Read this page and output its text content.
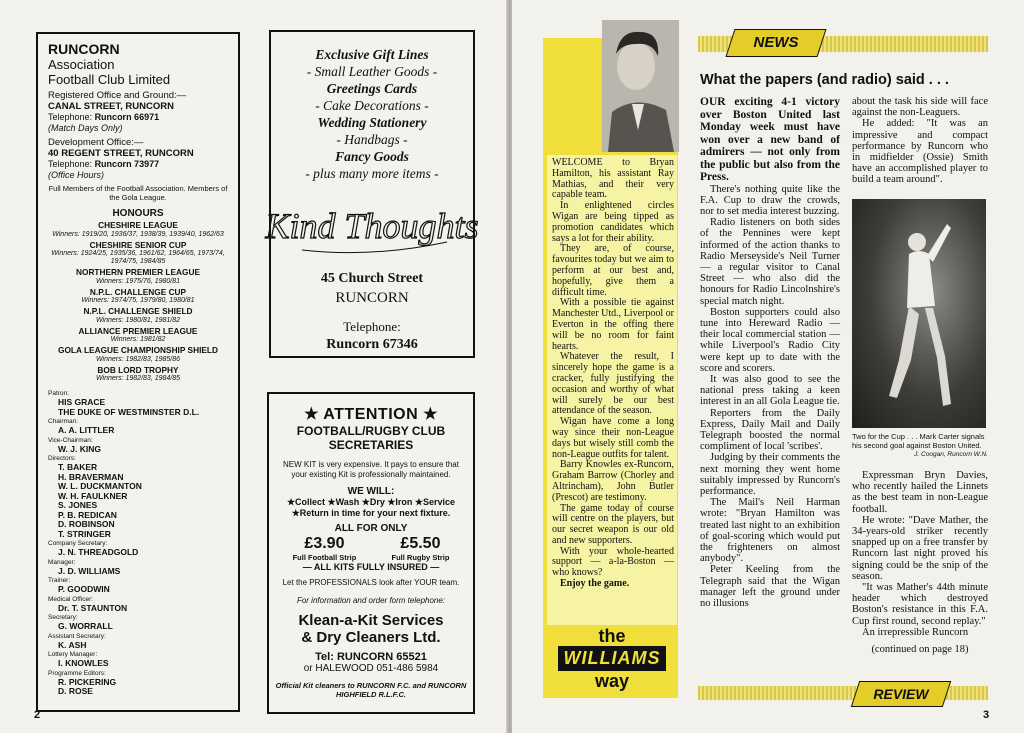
RUNCORN
Association
Football Club Limited
Registered Office and Ground:—
CANAL STREET, RUNCORN
Telephone: Runcorn 66971
(Match Days Only)
Development Office:—
40 REGENT STREET, RUNCORN
Telephone: Runcorn 73977
(Office Hours)
Full Members of the Football Association. Members of the Gola League.
HONOURS
CHESHIRE LEAGUE
Winners: 1919/20, 1936/37, 1938/39, 1939/40, 1962/63
CHESHIRE SENIOR CUP
Winners: 1924/25, 1935/36, 1961/62, 1964/65, 1973/74, 1974/75, 1984/85
NORTHERN PREMIER LEAGUE
Winners: 1975/76, 1980/81
N.P.L. CHALLENGE CUP
Winners: 1974/75, 1979/80, 1980/81
N.P.L. CHALLENGE SHIELD
Winners: 1980/81, 1981/82
ALLIANCE PREMIER LEAGUE
Winners: 1981/82
GOLA LEAGUE CHAMPIONSHIP SHIELD
Winners: 1982/83, 1985/86
BOB LORD TROPHY
Winners: 1982/83, 1984/85
Patron:
HIS GRACE
THE DUKE OF WESTMINSTER D.L.
Chairman:
A. A. LITTLER
Vice-Chairman:
W. J. KING
Directors:
T. BAKER
H. BRAVERMAN
W. L. DUCKMANTON
W. H. FAULKNER
S. JONES
P. B. REDICAN
D. ROBINSON
T. STRINGER
Company Secretary:
J. N. THREADGOLD
Manager:
J. D. WILLIAMS
Trainer:
P. GOODWIN
Medical Officer:
Dr. T. STAUNTON
Secretary:
G. WORRALL
Assistant Secretary:
K. ASH
Lottery Manager:
I. KNOWLES
Programme Editors:
R. PICKERING
D. ROSE
Exclusive Gift Lines
- Small Leather Goods -
Greetings Cards
- Cake Decorations -
Wedding Stationery
- Handbags -
Fancy Goods
- plus many more items -
Kind Thoughts
45 Church Street
RUNCORN
Telephone:
Runcorn 67346
★ ATTENTION ★
FOOTBALL/RUGBY CLUB
SECRETARIES
NEW KIT is very expensive. It pays to ensure that your existing Kit is professionally maintained.
WE WILL:
★Collect ★Wash ★Dry ★Iron ★Service
★Return in time for your next fixture.
ALL FOR ONLY
£3.90
Full Football Strip
£5.50
Full Rugby Strip
— ALL KITS FULLY INSURED —
Let the PROFESSIONALS look after YOUR team.
For information and order form telephone:
Klean-a-Kit Services
& Dry Cleaners Ltd.
Tel: RUNCORN 65521
or HALEWOOD 051-486 5984
Official Kit cleaners to RUNCORN F.C. and RUNCORN HIGHFIELD R.L.F.C.
2

WELCOME to Bryan Hamilton, his assistant Ray Mathias, and their very capable team.

In enlightened circles Wigan are being tipped as promotion candidates which says a lot for their ability.

They are, of course, favourites today but we aim to perform at our best and, hopefully, give them a difficult time.

With a possible tie against Manchester Utd., Liverpool or Everton in the offing there will be no room for faint hearts.

Whatever the result, I sincerely hope the game is a cracker, fully justifying the occasion and worthy of what will surely be our best attendance of the season.

Wigan have come a long way since their non-League days but wisely still comb the non-League outfits for talent.

Barry Knowles ex-Runcorn, Graham Barrow (Chorley and Altrincham), John Butler (Prescot) are testimony.

The game today of course will centre on the players, but our secret weapon is our old and new supporters.

With your whole-hearted support — a-la-Boston — who knows?

Enjoy the game.

the
WILLIAMS
way
NEWS
What the papers (and radio) said . . .

OUR exciting 4-1 victory over Boston United last Monday week must have won over a new band of admirers — not only from the public but also from the Press.

There's nothing quite like the F.A. Cup to draw the crowds, nor to set media interest buzzing.

Radio listeners on both sides of the Pennines were kept informed of the action thanks to Radio Merseyside's Neil Turner — a regular visitor to Canal Street — who also did the honours for Radio Lincolnshire's special match night.

Boston supporters could also tune into Hereward Radio — their local commercial station — while Liverpool's Radio City were kept up to date with the score and scorers.

It was also good to see the national press taking a keen interest in an all Gola League tie.

Reporters from the Daily Express, Daily Mail and Daily Telegraph boosted the normal compliment of local 'scribes'.

Judging by their comments the next morning they went home suitably impressed by Runcorn's performance.

The Mail's Neil Harman wrote: "Bryan Hamilton was treated last night to an exhibition of goal-scoring which would put the frighteners on almost anybody".

Peter Keeling from the Telegraph said that the Wigan manager left the ground under no illusions

about the task his side will face against the non-Leaguers.

He added: "It was an impressive and compact performance by Runcorn who in midfielder (Ossie) Smith have an accomplished player to build a team around".

Two for the Cup . . . Mark Carter signals his second goal against Boston United.
J. Coogan, Runcorn W.N.

Expressman Bryn Davies, who recently hailed the Linnets as the best team in non-League football.

He wrote: "Dave Mather, the 34-years-old striker recently snapped up on a free transfer by Runcorn last night proved his signing could be the snip of the season.

"It was Mather's 44th minute header which destroyed Boston's resistance in this F.A. Cup first round, second replay."

An irrepressible Runcorn

(continued on page 18)

REVIEW
3
